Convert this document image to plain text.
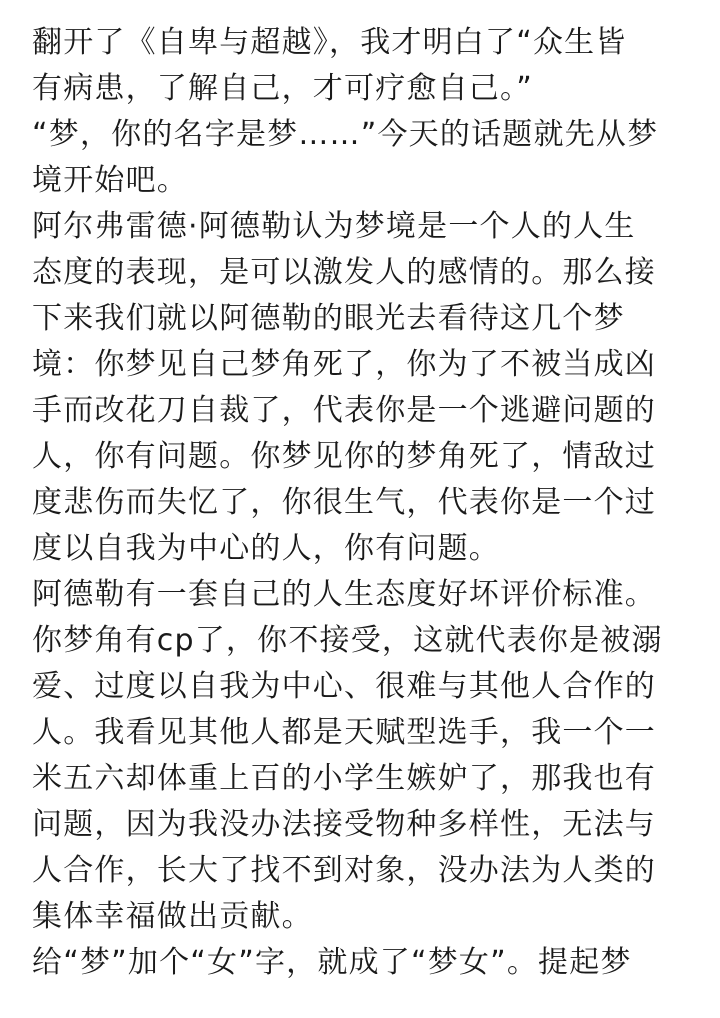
翻开了《自卑与超越》，我才明白了“众生皆
有病患，了解自己，才可疗愈自己。”
“梦，你的名字是梦……”今天的话题就先从梦
境开始吧。
阿尔弗雷德·阿德勒认为梦境是一个人的人生
态度的表现，是可以激发人的感情的。那么接
下来我们就以阿德勒的眼光去看待这几个梦
境：你梦见自己梦角死了，你为了不被当成凶
手而改花刀自裁了，代表你是一个逃避问题的
人，你有问题。你梦见你的梦角死了，情敌过
度悲伤而失忆了，你很生气，代表你是一个过
度以自我为中心的人，你有问题。
阿德勒有一套自己的人生态度好坏评价标准。
你梦角有cp了，你不接受，这就代表你是被溺
爱、过度以自我为中心、很难与其他人合作的
人。我看见其他人都是天赋型选手，我一个一
米五六却体重上百的小学生嫉妒了，那我也有
问题，因为我没办法接受物种多样性，无法与
人合作，长大了找不到对象，没办法为人类的
集体幸福做出贡献。
给“梦”加个“女”字，就成了“梦女”。提起梦
